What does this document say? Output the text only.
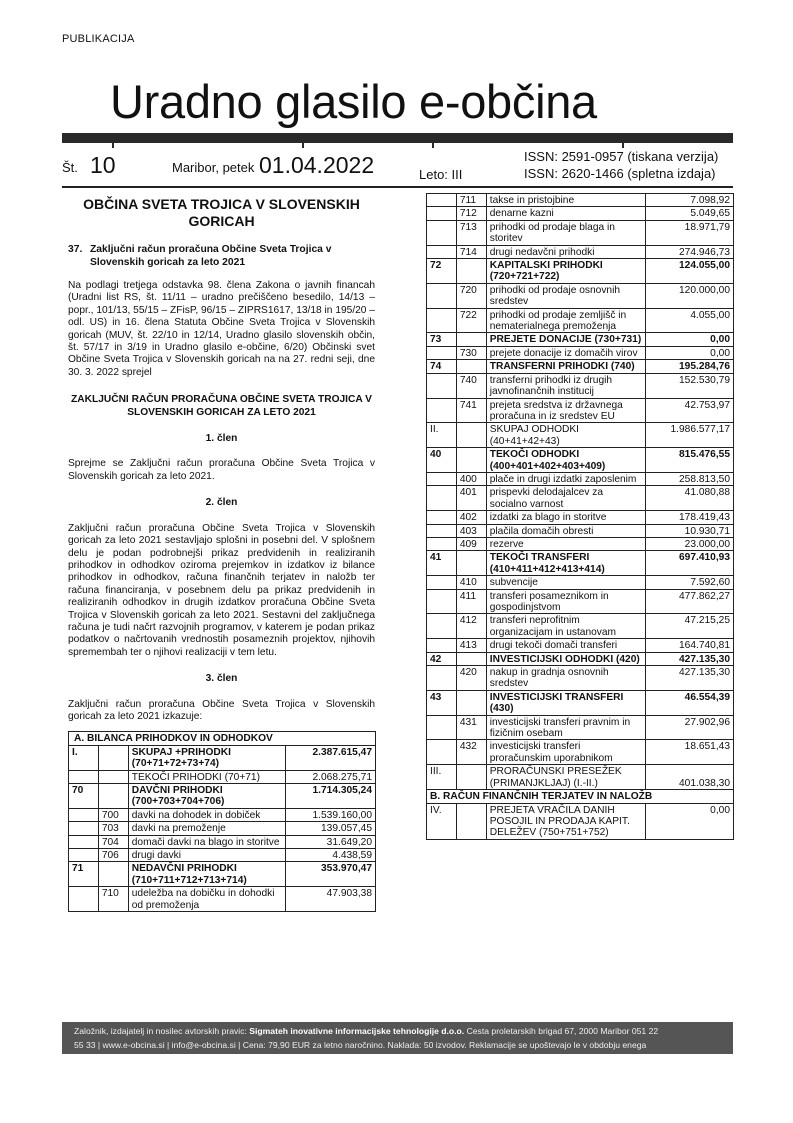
PUBLIKACIJA
Uradno glasilo e-občina
Št. 10	Maribor, petek 01.04.2022	Leto: III
ISSN: 2591-0957 (tiskana verzija)
ISSN: 2620-1466 (spletna izdaja)
OBČINA SVETA TROJICA V SLOVENSKIH GORICAH
37. Zaključni račun proračuna Občine Sveta Trojica v Slovenskih goricah za leto 2021

Na podlagi tretjega odstavka 98. člena Zakona o javnih financah (Uradni list RS, št. 11/11 – uradno prečiščeno besedilo, 14/13 – popr., 101/13, 55/15 – ZFisP, 96/15 – ZIPRS1617, 13/18 in 195/20 – odl. US) in 16. člena Statuta Občine Sveta Trojica v Slovenskih goricah (MUV, št. 22/10 in 12/14, Uradno glasilo slovenskih občin, št. 57/17 in 3/19 in Uradno glasilo e-občine, 6/20) Občinski svet Občine Sveta Trojica v Slovenskih goricah na na 27. redni seji, dne 30. 3. 2022 sprejel

ZAKLJUČNI RAČUN PRORAČUNA OBČINE SVETA TROJICA V SLOVENSKIH GORICAH ZA LETO 2021
1. člen

Sprejme se Zaključni račun proračuna Občine Sveta Trojica v Slovenskih goricah za leto 2021.

2. člen

Zaključni račun proračuna Občine Sveta Trojica v Slovenskih goricah za leto 2021 sestavljajo splošni in posebni del. V splošnem delu je podan podrobnejši prikaz predvidenih in realiziranih prihodkov in odhodkov oziroma prejemkov in izdatkov iz bilance prihodkov in odhodkov, računa finančnih terjatev in naložb ter računa financiranja, v posebnem delu pa prikaz predvidenih in realiziranih odhodkov in drugih izdatkov proračuna Občine Sveta Trojica v Slovenskih goricah za leto 2021. Sestavni del zaključnega računa je tudi načrt razvojnih programov, v katerem je podan prikaz podatkov o načrtovanih vrednostih posameznih projektov, njihovih spremembah ter o njihovi realizaciji v tem letu.

3. člen

Zaključni račun proračuna Občine Sveta Trojica v Slovenskih goricah za leto 2021 izkazuje:

A. BILANCA PRIHODKOV IN ODHODKOV			
I.		SKUPAJ +PRIHODKI (70+71+72+73+74)	2.387.615,47
		TEKOČI PRIHODKI (70+71)	2.068.275,71
70		DAVČNI PRIHODKI (700+703+704+706)	1.714.305,24
	700	davki na dohodek in dobiček	1.539.160,00
	703	davki na premoženje	139.057,45
	704	domači davki na blago in storitve	31.649,20
	706	drugi davki	4.438,59
71		NEDAVČNI PRIHODKI (710+711+712+713+714)	353.970,47
	710	udeležba na dobičku in dohodki od premoženja	47.903,38
	711	takse in pristojbine	7.098,92
	712	denarne kazni	5.049,65
	713	prihodki od prodaje blaga in storitev	18.971,79
	714	drugi nedavčni prihodki	274.946,73
72		KAPITALSKI PRIHODKI (720+721+722)	124.055,00
	720	prihodki od prodaje osnovnih sredstev	120.000,00
	722	prihodki od prodaje zemljišč in nematerialnega premoženja	4.055,00
73		PREJETE DONACIJE (730+731)	0,00
	730	prejete donacije iz domačih virov	0,00
74		TRANSFERNI PRIHODKI (740)	195.284,76
	740	transferni prihodki iz drugih javnofinančnih institucij	152.530,79
	741	prejeta sredstva iz državnega proračuna in iz sredstev EU	42.753,97
II.		SKUPAJ ODHODKI (40+41+42+43)	1.986.577,17
40		TEKOČI ODHODKI (400+401+402+403+409)	815.476,55
	400	plače in drugi izdatki zaposlenim	258.813,50
	401	prispevki delodajalcev za socialno varnost	41.080,88
	402	izdatki za blago in storitve	178.419,43
	403	plačila domačih obresti	10.930,71
	409	rezerve	23.000,00
41		TEKOČI TRANSFERI (410+411+412+413+414)	697.410,93
	410	subvencije	7.592,60
	411	transferi posameznikom in gospodinjstvom	477.862,27
	412	transferi neprofitnim organizacijam in ustanovam	47.215,25
	413	drugi tekoči domači transferi	164.740,81
42		INVESTICIJSKI ODHODKI (420)	427.135,30
	420	nakup in gradnja osnovnih sredstev	427.135,30
43		INVESTICIJSKI TRANSFERI (430)	46.554,39
	431	investicijski transferi pravnim in fizičnim osebam	27.902,96
	432	investicijski transferi proračunskim uporabnikom	18.651,43
III.		PRORAČUNSKI PRESEŽEK (PRIMANJKLJAJ) (I.-II.)	401.038,30
B. RAČUN FINANČNIH TERJATEV IN NALOŽB			
IV.		PREJETA VRAČILA DANIH POSOJIL IN PRODAJA KAPIT. DELEŽEV (750+751+752)	0,00
Založnik, izdajatelj in nosilec avtorskih pravic: Sigmateh inovativne informacijske tehnologije d.o.o. Cesta proletarskih brigad 67, 2000 Maribor 051 22
55 33 | www.e-obcina.si | info@e-obcina.si | Cena: 79,90 EUR za letno naročnino. Naklada: 50 izvodov. Reklamacije se upoštevajo le v obdobju enega
